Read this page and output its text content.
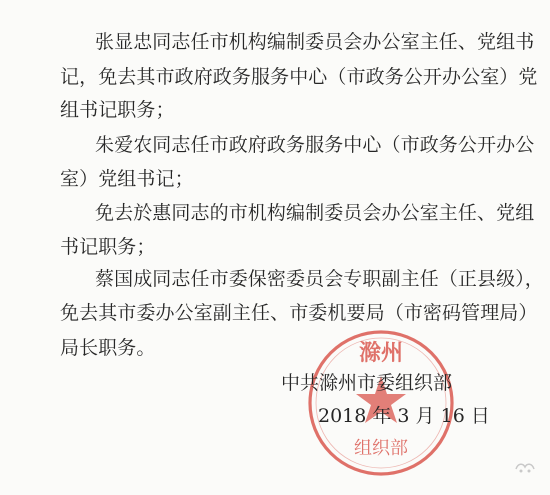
张显忠同志任市机构编制委员会办公室主任、党组书
记，免去其市政府政务服务中心（市政务公开办公室）党
组书记职务；
朱爱农同志任市政府政务服务中心（市政务公开办公
室）党组书记；
免去於惠同志的市机构编制委员会办公室主任、党组
书记职务；
蔡国成同志任市委保密委员会专职副主任（正县级），
免去其市委办公室副主任、市委机要局（市密码管理局）
局长职务。	滁州
组织部
中共滁州市委组织部
2018 年 3 月 16 日
